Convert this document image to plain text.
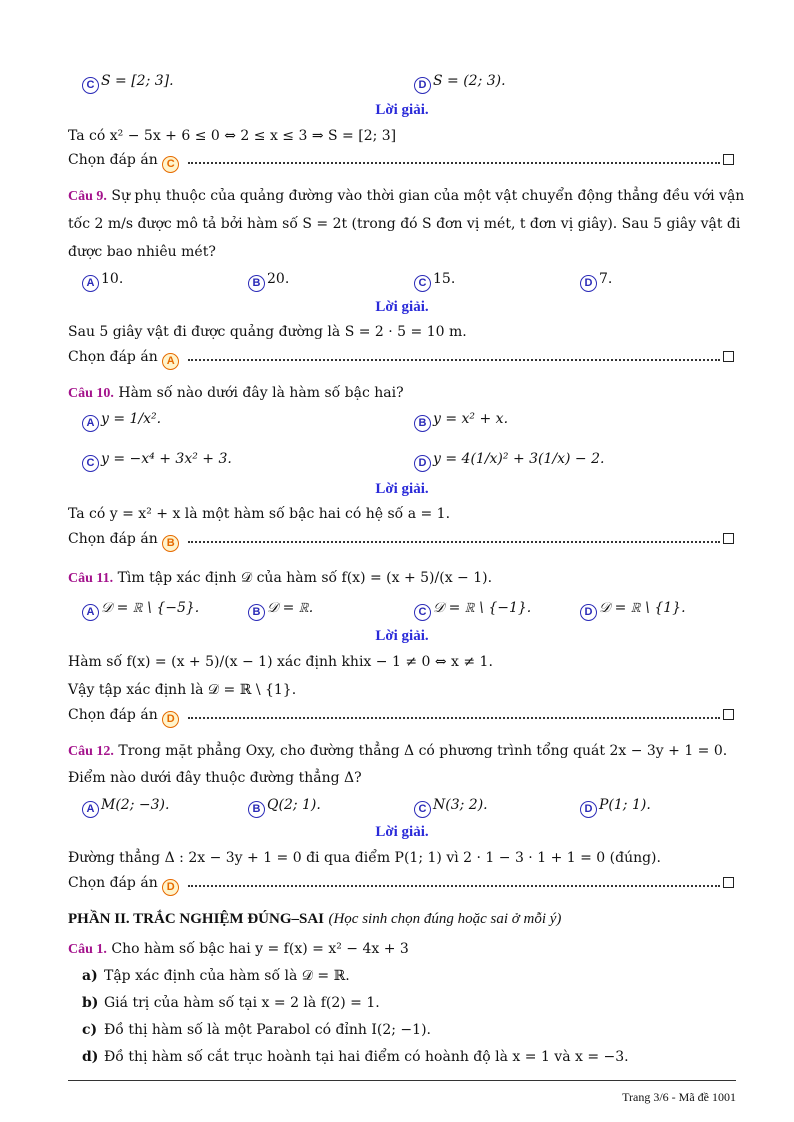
C S = [2; 3].	D S = (2; 3).
Lời giải.
Ta có x² − 5x + 6 ≤ 0 ⇔ 2 ≤ x ≤ 3 ⇒ S = [2; 3]
Chọn đáp án C
Câu 9. Sự phụ thuộc của quảng đường vào thời gian của một vật chuyển động thẳng đều với vận
tốc 2 m/s được mô tả bởi hàm số S = 2t (trong đó S đơn vị mét, t đơn vị giây). Sau 5 giây vật đi
được bao nhiêu mét?
A 10.	B 20.	C 15.	D 7.
Lời giải.
Sau 5 giây vật đi được quảng đường là S = 2 · 5 = 10 m.
Chọn đáp án A
Câu 10. Hàm số nào dưới đây là hàm số bậc hai?
A y = 1/x².	B y = x² + x.
C y = −x⁴ + 3x² + 3.	D y = 4(1/x)² + 3(1/x) − 2.
Lời giải.
Ta có y = x² + x là một hàm số bậc hai có hệ số a = 1.
Chọn đáp án B
Câu 11. Tìm tập xác định 𝒟 của hàm số f(x) = (x + 5)/(x − 1).
A 𝒟 = ℝ \ {−5}.	B 𝒟 = ℝ.	C 𝒟 = ℝ \ {−1}.	D 𝒟 = ℝ \ {1}.
Lời giải.
Hàm số f(x) = (x + 5)/(x − 1) xác định khix − 1 ≠ 0 ⇔ x ≠ 1.
Vậy tập xác định là 𝒟 = ℝ \ {1}.
Chọn đáp án D
Câu 12. Trong mặt phẳng Oxy, cho đường thẳng Δ có phương trình tổng quát 2x − 3y + 1 = 0.
Điểm nào dưới đây thuộc đường thẳng Δ?
A M(2; −3).	B Q(2; 1).	C N(3; 2).	D P(1; 1).
Lời giải.
Đường thẳng Δ : 2x − 3y + 1 = 0 đi qua điểm P(1; 1) vì 2 · 1 − 3 · 1 + 1 = 0 (đúng).
Chọn đáp án D
PHẦN II. TRẮC NGHIỆM ĐÚNG–SAI (Học sinh chọn đúng hoặc sai ở mỗi ý)
Câu 1. Cho hàm số bậc hai y = f(x) = x² − 4x + 3
a) Tập xác định của hàm số là 𝒟 = ℝ.
b) Giá trị của hàm số tại x = 2 là f(2) = 1.
c) Đồ thị hàm số là một Parabol có đỉnh I(2; −1).
d) Đồ thị hàm số cắt trục hoành tại hai điểm có hoành độ là x = 1 và x = −3.
Trang 3/6 - Mã đề 1001
